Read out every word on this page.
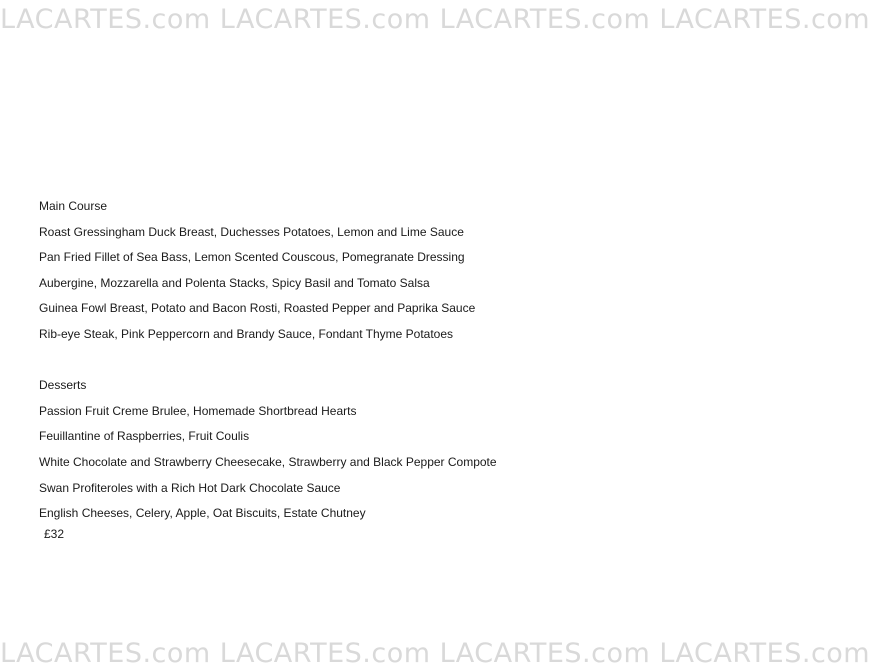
LACARTES.com LACARTES.com LACARTES.com LACARTES.com
Main Course
Roast Gressingham Duck Breast, Duchesses Potatoes, Lemon and Lime Sauce
Pan Fried Fillet of Sea Bass, Lemon Scented Couscous, Pomegranate Dressing
Aubergine, Mozzarella and Polenta Stacks, Spicy Basil and Tomato Salsa
Guinea Fowl Breast, Potato and Bacon Rosti, Roasted Pepper and Paprika Sauce
Rib-eye Steak, Pink Peppercorn and Brandy Sauce, Fondant Thyme Potatoes
Desserts
Passion Fruit Creme Brulee, Homemade Shortbread Hearts
Feuillantine of Raspberries, Fruit Coulis
White Chocolate and Strawberry Cheesecake, Strawberry and Black Pepper Compote
Swan Profiteroles with a Rich Hot Dark Chocolate Sauce
English Cheeses, Celery, Apple, Oat Biscuits, Estate Chutney
£32
LACARTES.com LACARTES.com LACARTES.com LACARTES.com
